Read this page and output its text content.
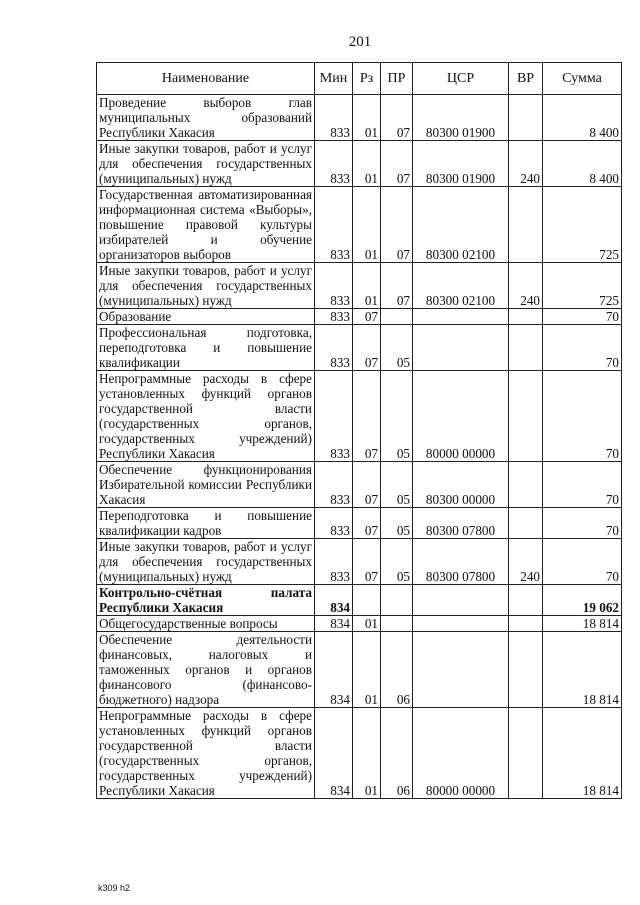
201
Наименование	Мин	Рз	ПР	ЦСР	ВР	Сумма
Проведение выборов глав муниципальных образований Республики Хакасия	833	01	07	80300 01900		8 400
Иные закупки товаров, работ и услуг для обеспечения государственных (муниципальных) нужд	833	01	07	80300 01900	240	8 400
Государственная автоматизированная информационная система «Выборы», повышение правовой культуры избирателей и обучение организаторов выборов	833	01	07	80300 02100		725
Иные закупки товаров, работ и услуг для обеспечения государственных (муниципальных) нужд	833	01	07	80300 02100	240	725
Образование	833	07				70
Профессиональная подготовка, переподготовка и повышение квалификации	833	07	05			70
Непрограммные расходы в сфере установленных функций органов государственной власти (государственных органов, государственных учреждений) Республики Хакасия	833	07	05	80000 00000		70
Обеспечение функционирования Избирательной комиссии Республики Хакасия	833	07	05	80300 00000		70
Переподготовка и повышение квалификации кадров	833	07	05	80300 07800		70
Иные закупки товаров, работ и услуг для обеспечения государственных (муниципальных) нужд	833	07	05	80300 07800	240	70
Контрольно-счётная палата Республики Хакасия	834					19 062
Общегосударственные вопросы	834	01				18 814
Обеспечение деятельности финансовых, налоговых и таможенных органов и органов финансового (финансово-бюджетного) надзора	834	01	06			18 814
Непрограммные расходы в сфере установленных функций органов государственной власти (государственных органов, государственных учреждений) Республики Хакасия	834	01	06	80000 00000		18 814
k309 h2
